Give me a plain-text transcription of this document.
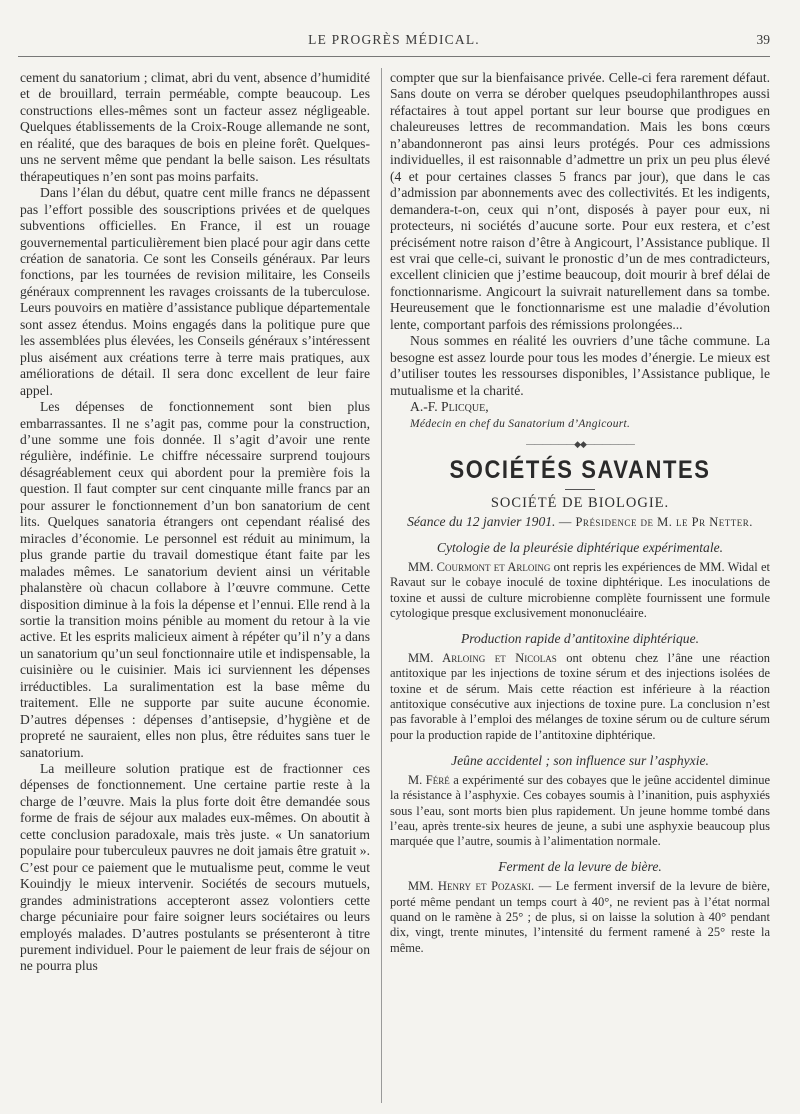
LE PROGRÈS MÉDICAL.	39

cement du sanatorium ; climat, abri du vent, absence d’humidité et de brouillard, terrain perméable, compte beaucoup. Les constructions elles-mêmes sont un facteur assez négligeable. Quelques établissements de la Croix-Rouge allemande ne sont, en réalité, que des baraques de bois en pleine forêt. Quelques-uns ne servent même que pendant la belle saison. Les résultats thérapeutiques n’en sont pas moins parfaits.

Dans l’élan du début, quatre cent mille francs ne dépassent pas l’effort possible des souscriptions privées et de quelques subventions officielles. En France, il est un rouage gouvernemental particulièrement bien placé pour agir dans cette création de sanatoria. Ce sont les Conseils généraux. Par leurs fonctions, par les tournées de revision militaire, les Conseils généraux comprennent les ravages croissants de la tuberculose. Leurs pouvoirs en matière d’assistance publique départementale sont assez étendus. Moins engagés dans la politique pure que les assemblées plus élevées, les Conseils généraux s’intéressent plus aisément aux créations terre à terre mais pratiques, aux améliorations de détail. Il sera donc excellent de leur faire appel.

Les dépenses de fonctionnement sont bien plus embarrassantes. Il ne s’agit pas, comme pour la construction, d’une somme une fois donnée. Il s’agit d’avoir une rente régulière, indéfinie. Le chiffre nécessaire surprend toujours désagréablement ceux qui abordent pour la première fois la question. Il faut compter sur cent cinquante mille francs par an pour assurer le fonctionnement d’un bon sanatorium de cent lits. Quelques sanatoria étrangers ont cependant réalisé des miracles d’économie. Le personnel est réduit au minimum, la plus grande partie du travail domestique étant faite par les malades mêmes. Le sanatorium devient ainsi un véritable phalanstère où chacun collabore à l’œuvre commune. Cette disposition diminue à la fois la dépense et l’ennui. Elle rend à la sortie la transition moins pénible au moment du retour à la vie active. Et les esprits malicieux aiment à répéter qu’il n’y a dans un sanatorium qu’un seul fonctionnaire utile et indispensable, la cuisinière ou le cuisinier. Mais ici surviennent les dépenses irréductibles. La suralimentation est la base même du traitement. Elle ne supporte par suite aucune économie. D’autres dépenses : dépenses d’antisepsie, d’hygiène et de propreté ne sauraient, elles non plus, être réduites sans tuer le sanatorium.

La meilleure solution pratique est de fractionner ces dépenses de fonctionnement. Une certaine partie reste à la charge de l’œuvre. Mais la plus forte doit être demandée sous forme de frais de séjour aux malades eux-mêmes. On aboutit à cette conclusion paradoxale, mais très juste. « Un sanatorium populaire pour tuberculeux pauvres ne doit jamais être gratuit ». C’est pour ce paiement que le mutualisme peut, comme le veut Kouindjy le mieux intervenir. Sociétés de secours mutuels, grandes administrations accepteront assez volontiers cette charge pécuniaire pour faire soigner leurs sociétaires ou leurs employés malades. D’autres postulants se présenteront à titre purement individuel. Pour le paiement de leur frais de séjour on ne pourra plus

compter que sur la bienfaisance privée. Celle-ci fera rarement défaut. Sans doute on verra se dérober quelques pseudophilanthropes aussi réfactaires à tout appel portant sur leur bourse que prodigues en chaleureuses lettres de recommandation. Mais les bons cœurs n’abandonneront pas ainsi leurs protégés. Pour ces admissions individuelles, il est raisonnable d’admettre un prix un peu plus élevé (4 et pour certaines classes 5 francs par jour), que dans le cas d’admission par abonnements avec des collectivités. Et les indigents, demandera-t-on, ceux qui n’ont, disposés à payer pour eux, ni protecteurs, ni sociétés d’aucune sorte. Pour eux restera, et c’est précisément notre raison d’être à Angicourt, l’Assistance publique. Il est vrai que celle-ci, suivant le pronostic d’un de mes contradicteurs, excellent clinicien que j’estime beaucoup, doit mourir à bref délai de fonctionnarisme. Angicourt la suivrait naturellement dans sa tombe. Heureusement que le fonctionnarisme est une maladie d’évolution lente, comportant parfois des rémissions prolongées...

Nous sommes en réalité les ouvriers d’une tâche commune. La besogne est assez lourde pour tous les modes d’énergie. Le mieux est d’utiliser toutes les ressourses disponibles, l’Assistance publique, le mutualisme et la charité.

A.-F. Plicque,

Médecin en chef du Sanatorium d’Angicourt.

——————◆◆——————
SOCIÉTÉS SAVANTES
SOCIÉTÉ DE BIOLOGIE.
Séance du 12 janvier 1901. — Présidence de M. le Pr Netter.
Cytologie de la pleurésie diphtérique expérimentale.

MM. Courmont et Arloing ont repris les expériences de MM. Widal et Ravaut sur le cobaye inoculé de toxine diphtérique. Les inoculations de toxine et aussi de culture microbienne complète fournissent une formule cytologique presque exclusivement mononucléaire.

Production rapide d’antitoxine diphtérique.

MM. Arloing et Nicolas ont obtenu chez l’âne une réaction antitoxique par les injections de toxine sérum et des injections isolées de toxine et de sérum. Mais cette réaction est inférieure à la réaction antitoxique consécutive aux injections de toxine pure. La conclusion n’est pas favorable à l’emploi des mélanges de toxine sérum ou de culture sérum pour la production rapide de l’antitoxine diphtérique.

Jeûne accidentel ; son influence sur l’asphyxie.

M. Féré a expérimenté sur des cobayes que le jeûne accidentel diminue la résistance à l’asphyxie. Ces cobayes soumis à l’inanition, puis asphyxiés sous l’eau, sont morts bien plus rapidement. Un jeune homme tombé dans l’eau, après trente-six heures de jeune, a subi une asphyxie beaucoup plus marquée que l’autre, soumis à l’alimentation normale.

Ferment de la levure de bière.

MM. Henry et Pozaski. — Le ferment inversif de la levure de bière, porté même pendant un temps court à 40°, ne revient pas à l’état normal quand on le ramène à 25° ; de plus, si on laisse la solution à 40° pendant dix, vingt, trente minutes, l’intensité du ferment ramené à 25° reste la même.
